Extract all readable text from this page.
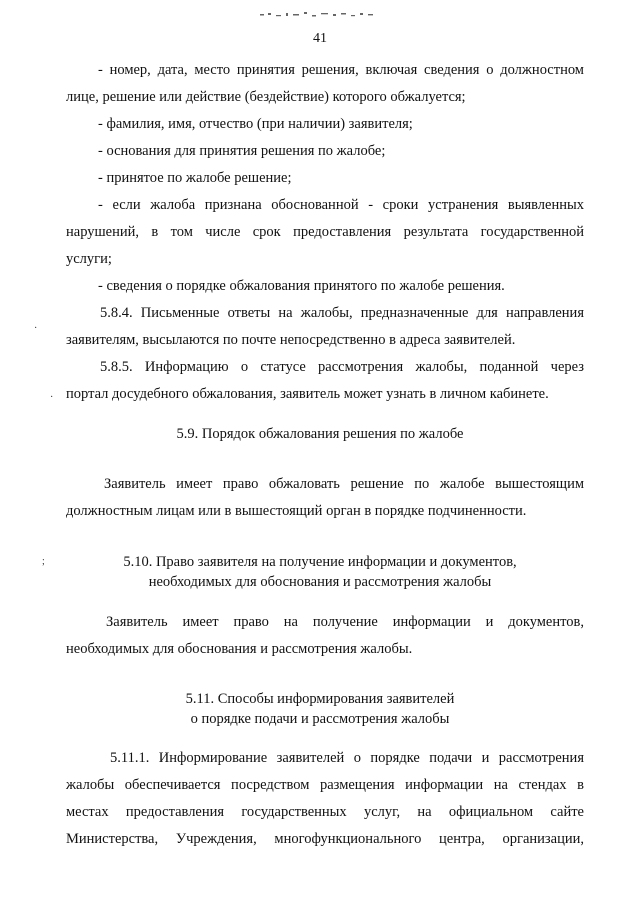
41
- номер, дата, место принятия решения, включая сведения о должностном
лице, решение или действие (бездействие) которого обжалуется;
- фамилия, имя, отчество (при наличии) заявителя;
- основания для принятия решения по жалобе;
- принятое по жалобе решение;
- если жалоба признана обоснованной - сроки устранения выявленных
нарушений, в том числе срок предоставления результата государственной
услуги;
- сведения о порядке обжалования принятого по жалобе решения.
5.8.4. Письменные ответы на жалобы, предназначенные для направления
заявителям, высылаются по почте непосредственно в адреса заявителей.
5.8.5. Информацию о статусе рассмотрения жалобы, поданной через
портал досудебного обжалования, заявитель может узнать в личном кабинете.
5.9. Порядок обжалования решения по жалобе
Заявитель имеет право обжаловать решение по жалобе вышестоящим
должностным лицам или в вышестоящий орган в порядке подчиненности.
5.10. Право заявителя на получение информации и документов,
необходимых для обоснования и рассмотрения жалобы
Заявитель имеет право на получение информации и документов,
необходимых для обоснования и рассмотрения жалобы.
5.11. Способы информирования заявителей
о порядке подачи и рассмотрения жалобы
5.11.1. Информирование заявителей о порядке подачи и рассмотрения
жалобы обеспечивается посредством размещения информации на стендах в
местах предоставления государственных услуг, на официальном сайте
Министерства, Учреждения, многофункционального центра, организации,
·
·
;
